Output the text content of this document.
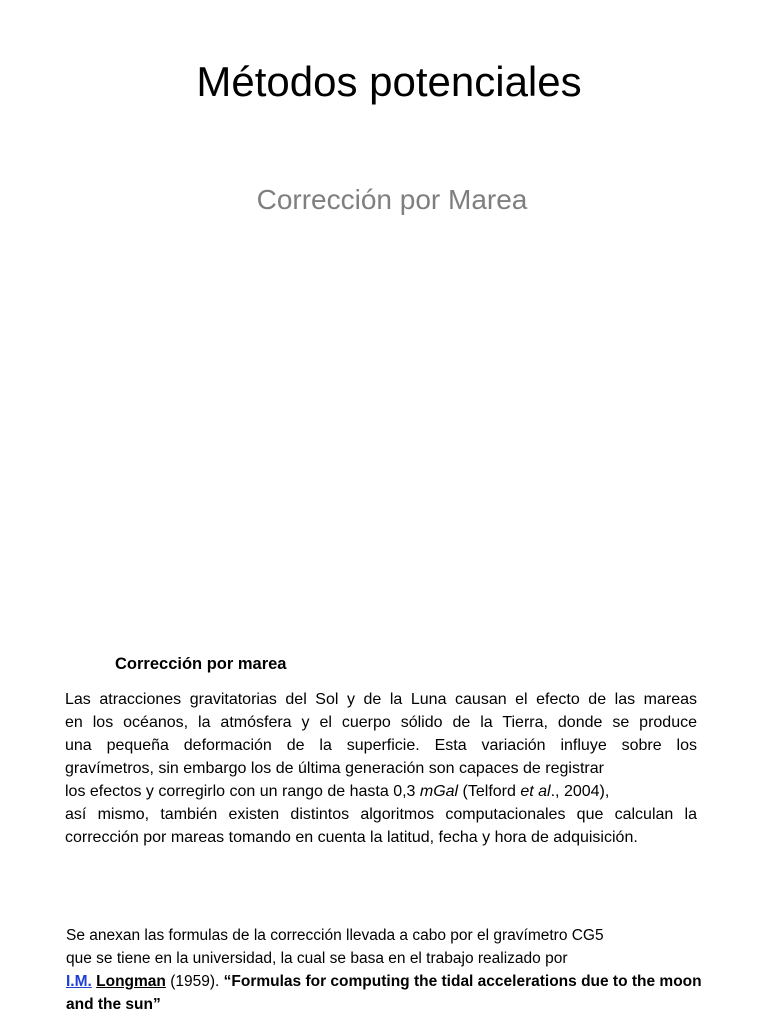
Métodos potenciales
Corrección por Marea
Corrección por marea
Las atracciones gravitatorias del Sol y de la Luna causan el efecto de las mareas
en los océanos, la atmósfera y el cuerpo sólido de la Tierra, donde se produce
una pequeña deformación de la superficie. Esta variación influye sobre los
gravímetros, sin embargo los de última generación son capaces de registrar
los efectos y corregirlo con un rango de hasta 0,3 mGal (Telford et al., 2004),
así mismo, también existen distintos algoritmos computacionales que calculan la
corrección por mareas tomando en cuenta la latitud, fecha y hora de adquisición.
Se anexan las formulas de la corrección llevada a cabo por el gravímetro CG5
que se tiene en la universidad, la cual se basa en el trabajo realizado por
I.M. Longman (1959). “Formulas for computing the tidal accelerations due to the moon and the sun”
